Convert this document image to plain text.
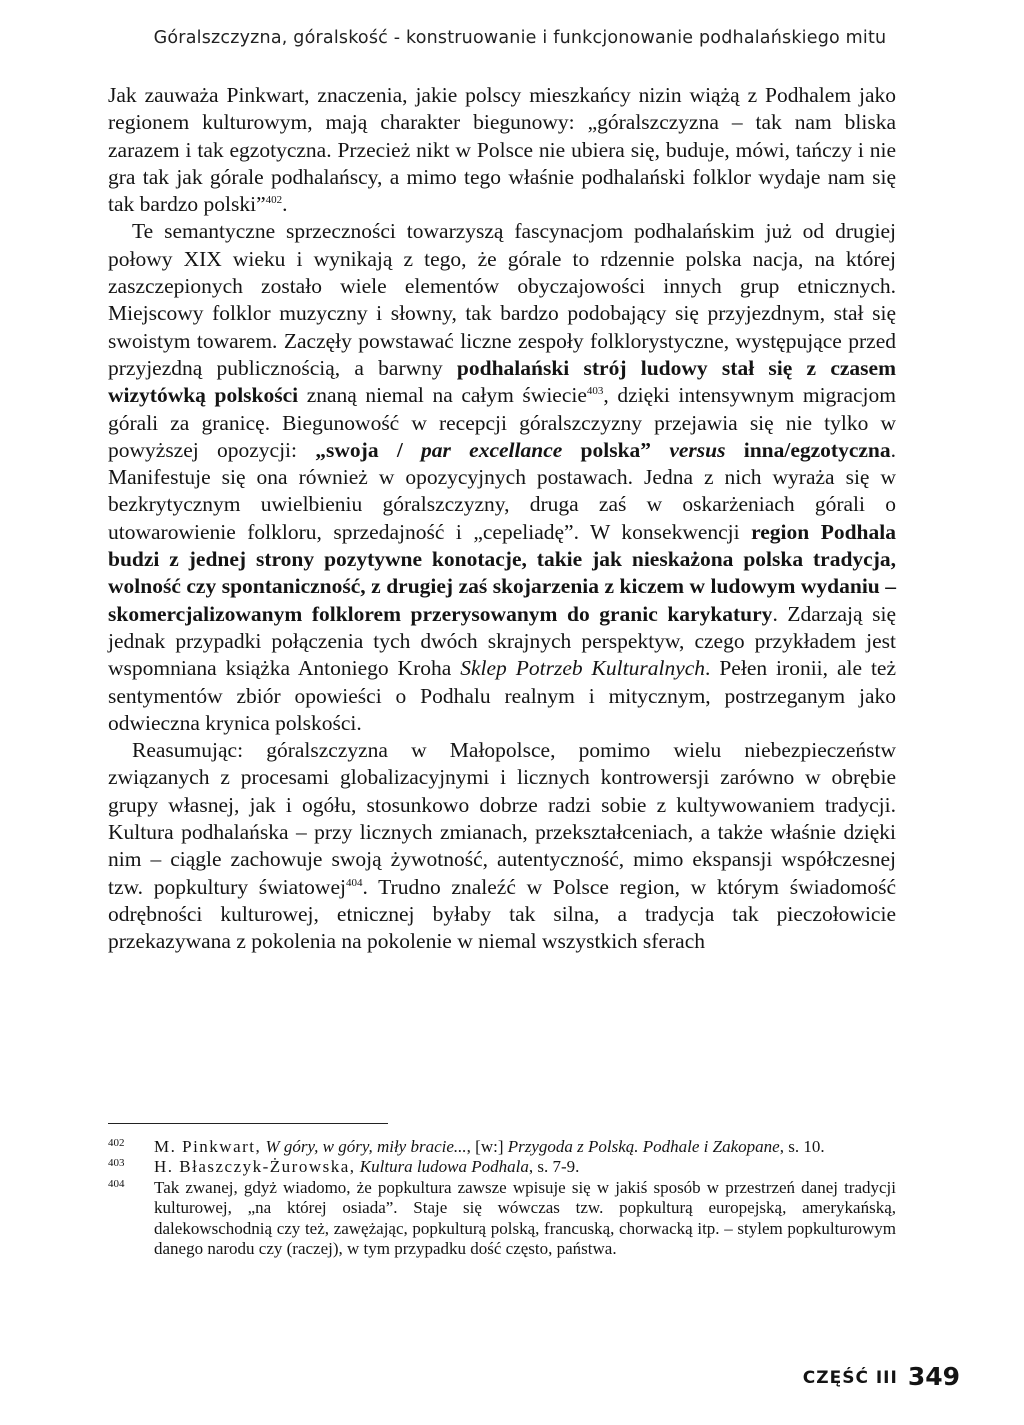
Góralszczyzna, góralskość - konstruowanie i funkcjonowanie podhalańskiego mitu

Jak zauważa Pinkwart, znaczenia, jakie polscy mieszkańcy nizin wiążą z Podhalem jako regionem kulturowym, mają charakter biegunowy: „góralszczyzna – tak nam bliska zarazem i tak egzotyczna. Przecież nikt w Polsce nie ubiera się, buduje, mówi, tańczy i nie gra tak jak górale podhalańscy, a mimo tego właśnie podhalański folklor wydaje nam się tak bardzo polski”$^{402}$.

Te semantyczne sprzeczności towarzyszą fascynacjom podhalańskim już od drugiej połowy XIX wieku i wynikają z tego, że górale to rdzennie polska nacja, na której zaszczepionych zostało wiele elementów obyczajowości innych grup etnicznych. Miejscowy folklor muzyczny i słowny, tak bardzo podobający się przyjezdnym, stał się swoistym towarem. Zaczęły powstawać liczne zespoły folklorystyczne, występujące przed przyjezdną publicznością, a barwny podhalański strój ludowy stał się z czasem wizytówką polskości znaną niemal na całym świecie$^{403}$, dzięki intensywnym migracjom górali za granicę. Biegunowość w recepcji góralszczyzny przejawia się nie tylko w powyższej opozycji: „swoja / par excellance polska” versus inna/egzotyczna. Manifestuje się ona również w opozycyjnych postawach. Jedna z nich wyraża się w bezkrytycznym uwielbieniu góralszczyzny, druga zaś w oskarżeniach górali o utowarowienie folkloru, sprzedajność i „cepeliadę”. W konsekwencji region Podhala budzi z jednej strony pozytywne konotacje, takie jak nieskażona polska tradycja, wolność czy spontaniczność, z drugiej zaś skojarzenia z kiczem w ludowym wydaniu – skomercjalizowanym folklorem przerysowanym do granic karykatury. Zdarzają się jednak przypadki połączenia tych dwóch skrajnych perspektyw, czego przykładem jest wspomniana książka Antoniego Kroha Sklep Potrzeb Kulturalnych. Pełen ironii, ale też sentymentów zbiór opowieści o Podhalu realnym i mitycznym, postrzeganym jako odwieczna krynica polskości.

Reasumując: góralszczyzna w Małopolsce, pomimo wielu niebezpieczeństw związanych z procesami globalizacyjnymi i licznych kontrowersji zarówno w obrębie grupy własnej, jak i ogółu, stosunkowo dobrze radzi sobie z kultywowaniem tradycji. Kultura podhalańska – przy licznych zmianach, przekształceniach, a także właśnie dzięki nim – ciągle zachowuje swoją żywotność, autentyczność, mimo ekspansji współczesnej tzw. popkultury światowej$^{404}$. Trudno znaleźć w Polsce region, w którym świadomość odrębności kulturowej, etnicznej byłaby tak silna, a tradycja tak pieczołowicie przekazywana z pokolenia na pokolenie w niemal wszystkich sferach

402 M. Pinkwart, W góry, w góry, miły bracie..., [w:] Przygoda z Polską. Podhale i Zakopane, s. 10.
403 H. Błaszczyk-Żurowska, Kultura ludowa Podhala, s. 7-9.
404 Tak zwanej, gdyż wiadomo, że popkultura zawsze wpisuje się w jakiś sposób w przestrzeń danej tradycji kulturowej, „na której osiada”. Staje się wówczas tzw. popkulturą europejską, amerykańską, dalekowschodnią czy też, zawężając, popkulturą polską, francuską, chorwacką itp. – stylem popkulturowym danego narodu czy (raczej), w tym przypadku dość często, państwa.
CZĘŚĆ III 349
